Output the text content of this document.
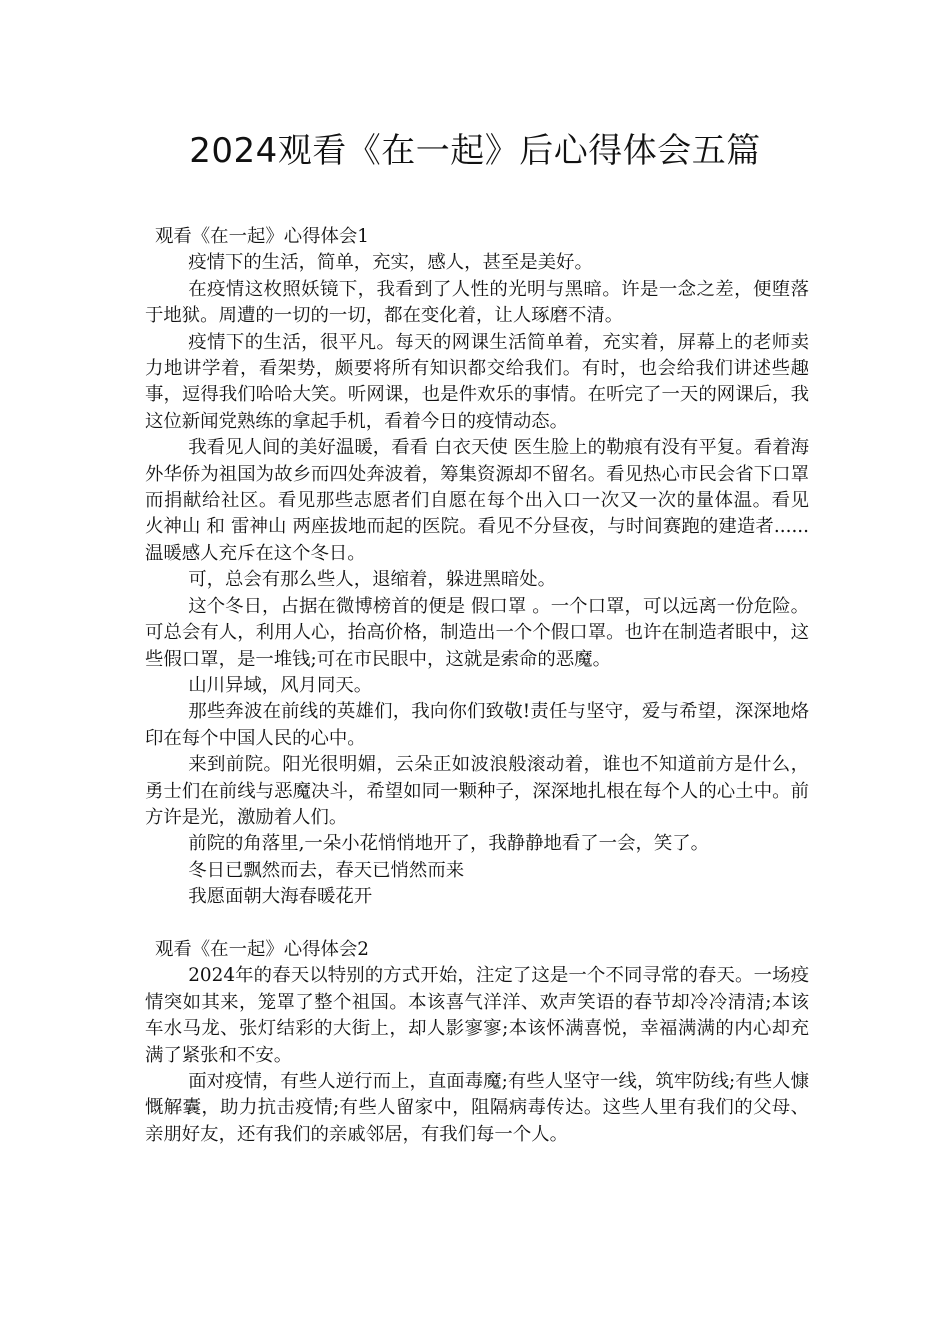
2024观看《在一起》后心得体会五篇
观看《在一起》心得体会1

疫情下的生活，简单，充实，感人，甚至是美好。

在疫情这枚照妖镜下，我看到了人性的光明与黑暗。许是一念之差，便堕落于地狱。周遭的一切的一切，都在变化着，让人琢磨不清。

疫情下的生活，很平凡。每天的网课生活简单着，充实着，屏幕上的老师卖力地讲学着，看架势，颇要将所有知识都交给我们。有时，也会给我们讲述些趣事，逗得我们哈哈大笑。听网课，也是件欢乐的事情。在听完了一天的网课后，我这位新闻党熟练的拿起手机，看着今日的疫情动态。

我看见人间的美好温暖，看看 白衣天使 医生脸上的勒痕有没有平复。看着海外华侨为祖国为故乡而四处奔波着，筹集资源却不留名。看见热心市民会省下口罩而捐献给社区。看见那些志愿者们自愿在每个出入口一次又一次的量体温。看见 火神山 和 雷神山 两座拔地而起的医院。看见不分昼夜，与时间赛跑的建造者......温暖感人充斥在这个冬日。

可，总会有那么些人，退缩着，躲进黑暗处。

这个冬日，占据在微博榜首的便是 假口罩 。一个口罩，可以远离一份危险。可总会有人，利用人心，抬高价格，制造出一个个假口罩。也许在制造者眼中，这些假口罩，是一堆钱;可在市民眼中，这就是索命的恶魔。

山川异域，风月同天。

那些奔波在前线的英雄们，我向你们致敬!责任与坚守，爱与希望，深深地烙印在每个中国人民的心中。

来到前院。阳光很明媚，云朵正如波浪般滚动着，谁也不知道前方是什么，勇士们在前线与恶魔决斗，希望如同一颗种子，深深地扎根在每个人的心土中。前方许是光，激励着人们。

前院的角落里,一朵小花悄悄地开了，我静静地看了一会，笑了。

冬日已飘然而去，春天已悄然而来

我愿面朝大海春暖花开

观看《在一起》心得体会2

2024年的春天以特别的方式开始，注定了这是一个不同寻常的春天。一场疫情突如其来，笼罩了整个祖国。本该喜气洋洋、欢声笑语的春节却冷冷清清;本该车水马龙、张灯结彩的大街上，却人影寥寥;本该怀满喜悦，幸福满满的内心却充满了紧张和不安。

面对疫情，有些人逆行而上，直面毒魔;有些人坚守一线，筑牢防线;有些人慷慨解囊，助力抗击疫情;有些人留家中，阻隔病毒传达。这些人里有我们的父母、亲朋好友，还有我们的亲戚邻居，有我们每一个人。
